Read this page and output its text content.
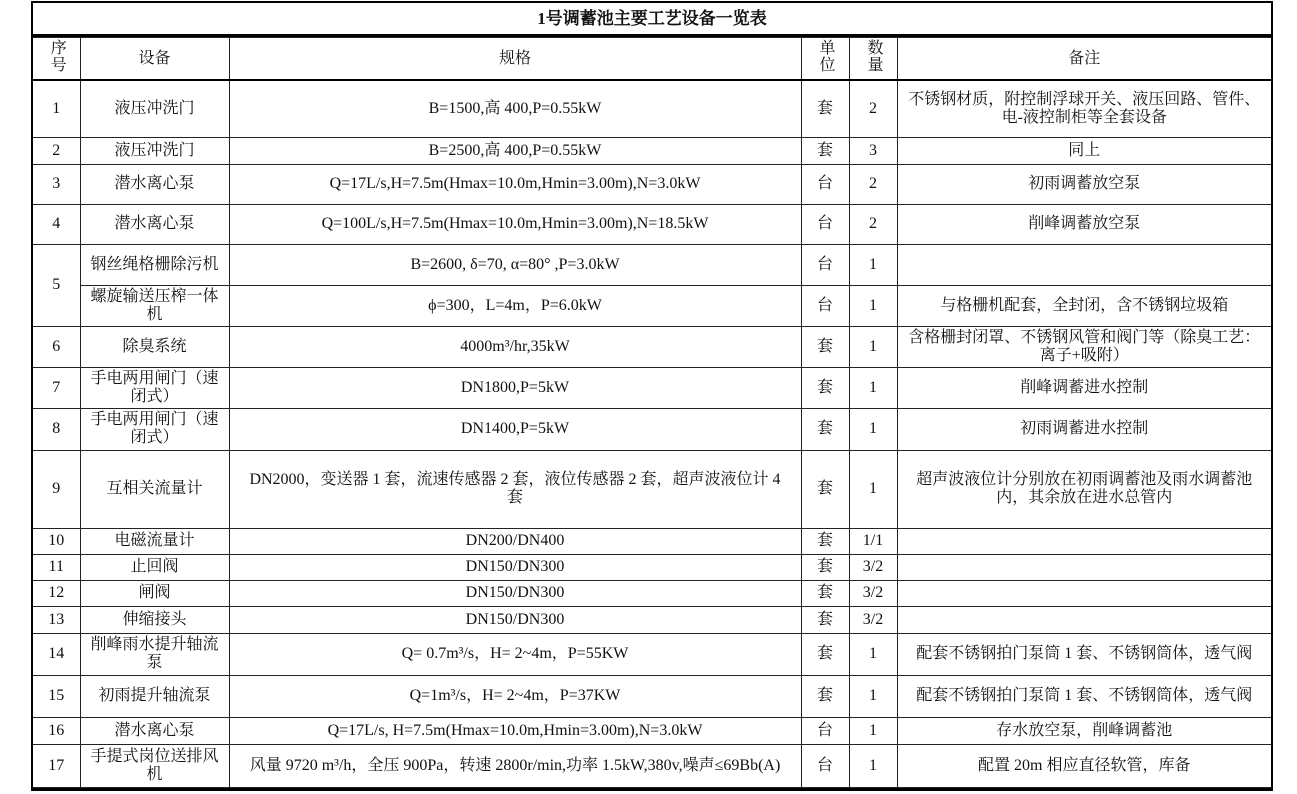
1号调蓄池主要工艺设备一览表
序号	设备	规格	单位	数量	备注
1	液压冲洗门	B=1500,高 400,P=0.55kW	套	2	不锈钢材质，附控制浮球开关、液压回路、管件、电-液控制柜等全套设备
2	液压冲洗门	B=2500,高 400,P=0.55kW	套	3	同上
3	潜水离心泵	Q=17L/s,H=7.5m(Hmax=10.0m,Hmin=3.00m),N=3.0kW	台	2	初雨调蓄放空泵
4	潜水离心泵	Q=100L/s,H=7.5m(Hmax=10.0m,Hmin=3.00m),N=18.5kW	台	2	削峰调蓄放空泵
5	钢丝绳格栅除污机	B=2600, δ=70, α=80° ,P=3.0kW	台	1	
	螺旋输送压榨一体机	ϕ=300，L=4m，P=6.0kW	台	1	与格栅机配套，全封闭，含不锈钢垃圾箱
6	除臭系统	4000m³/hr,35kW	套	1	含格栅封闭罩、不锈钢风管和阀门等（除臭工艺：离子+吸附）
7	手电两用闸门（速闭式）	DN1800,P=5kW	套	1	削峰调蓄进水控制
8	手电两用闸门（速闭式）	DN1400,P=5kW	套	1	初雨调蓄进水控制
9	互相关流量计	DN2000，变送器 1 套，流速传感器 2 套，液位传感器 2 套，超声波液位计 4 套	套	1	超声波液位计分别放在初雨调蓄池及雨水调蓄池内，其余放在进水总管内
10	电磁流量计	DN200/DN400	套	1/1	
11	止回阀	DN150/DN300	套	3/2	
12	闸阀	DN150/DN300	套	3/2	
13	伸缩接头	DN150/DN300	套	3/2	
14	削峰雨水提升轴流泵	Q= 0.7m³/s，H= 2~4m，P=55KW	套	1	配套不锈钢拍门泵筒 1 套、不锈钢筒体，透气阀
15	初雨提升轴流泵	Q=1m³/s，H= 2~4m，P=37KW	套	1	配套不锈钢拍门泵筒 1 套、不锈钢筒体，透气阀
16	潜水离心泵	Q=17L/s, H=7.5m(Hmax=10.0m,Hmin=3.00m),N=3.0kW	台	1	存水放空泵，削峰调蓄池
17	手提式岗位送排风机	风量 9720 m³/h，全压 900Pa，转速 2800r/min,功率 1.5kW,380v,噪声≤69Bb(A)	台	1	配置 20m 相应直径软管，库备
